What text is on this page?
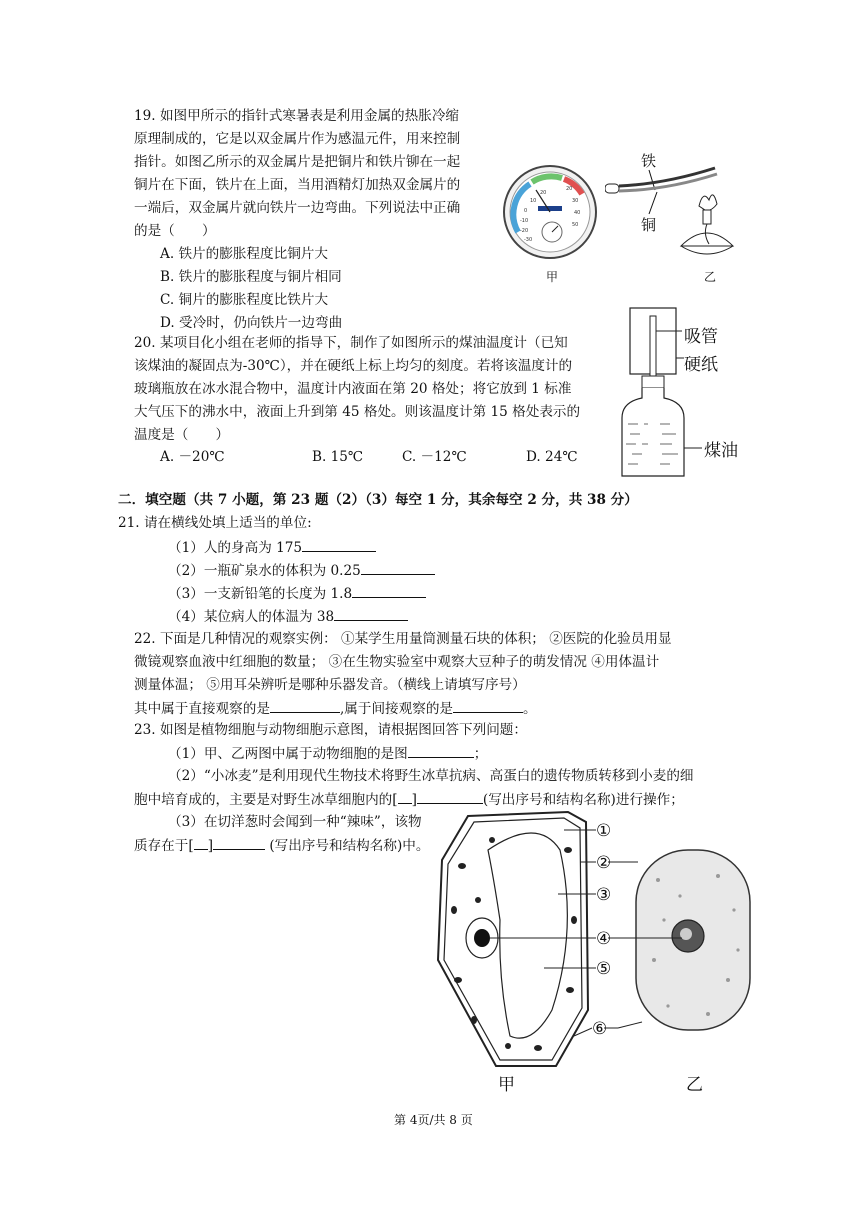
19. 如图甲所示的指针式寒暑表是利用金属的热胀冷缩
原理制成的，它是以双金属片作为感温元件，用来控制
指针。如图乙所示的双金属片是把铜片和铁片铆在一起
铜片在下面，铁片在上面，当用酒精灯加热双金属片的
一端后，双金属片就向铁片一边弯曲。下列说法中正确
的是（　　）
A. 铁片的膨胀程度比铜片大
B. 铁片的膨胀程度与铜片相同
C. 铜片的膨胀程度比铁片大
D. 受冷时，仍向铁片一边弯曲
20
10
0
-10
-20
-30
20
30
40
50
甲
铁
铜
乙
20. 某项目化小组在老师的指导下，制作了如图所示的煤油温度计（已知
该煤油的凝固点为-30℃），并在硬纸上标上均匀的刻度。若将该温度计的
玻璃瓶放在冰水混合物中，温度计内液面在第 20 格处；将它放到 1 标准
大气压下的沸水中，液面上升到第 45 格处。则该温度计第 15 格处表示的
温度是（　　）
A. －20℃	B. 15℃	C. －12℃	D. 24℃
吸管
硬纸
煤油
二．填空题（共 7 小题，第 23 题（2）（3）每空 1 分，其余每空 2 分，共 38 分）
21. 请在横线处填上适当的单位:
（1）人的身高为 175
（2）一瓶矿泉水的体积为 0.25
（3）一支新铅笔的长度为 1.8
（4）某位病人的体温为 38
22. 下面是几种情况的观察实例： ①某学生用量筒测量石块的体积； ②医院的化验员用显
微镜观察血液中红细胞的数量； ③在生物实验室中观察大豆种子的萌发情况 ④用体温计
测量体温； ⑤用耳朵辨听是哪种乐器发音。（横线上请填写序号）
其中属于直接观察的是	,属于间接观察的是	。
23. 如图是植物细胞与动物细胞示意图，请根据图回答下列问题：
（1）甲、乙两图中属于动物细胞的是图	；
（2）“小冰麦”是利用现代生物技术将野生冰草抗病、高蛋白的遗传物质转移到小麦的细
胞中培育成的，主要是对野生冰草细胞内的[ ]	(写出序号和结构名称)进行操作；
（3）在切洋葱时会闻到一种“辣味”，该物
质存在于[ ]	(写出序号和结构名称)中。
①
②
③
④
⑤
⑥
甲	乙
第 4页/共 8 页
